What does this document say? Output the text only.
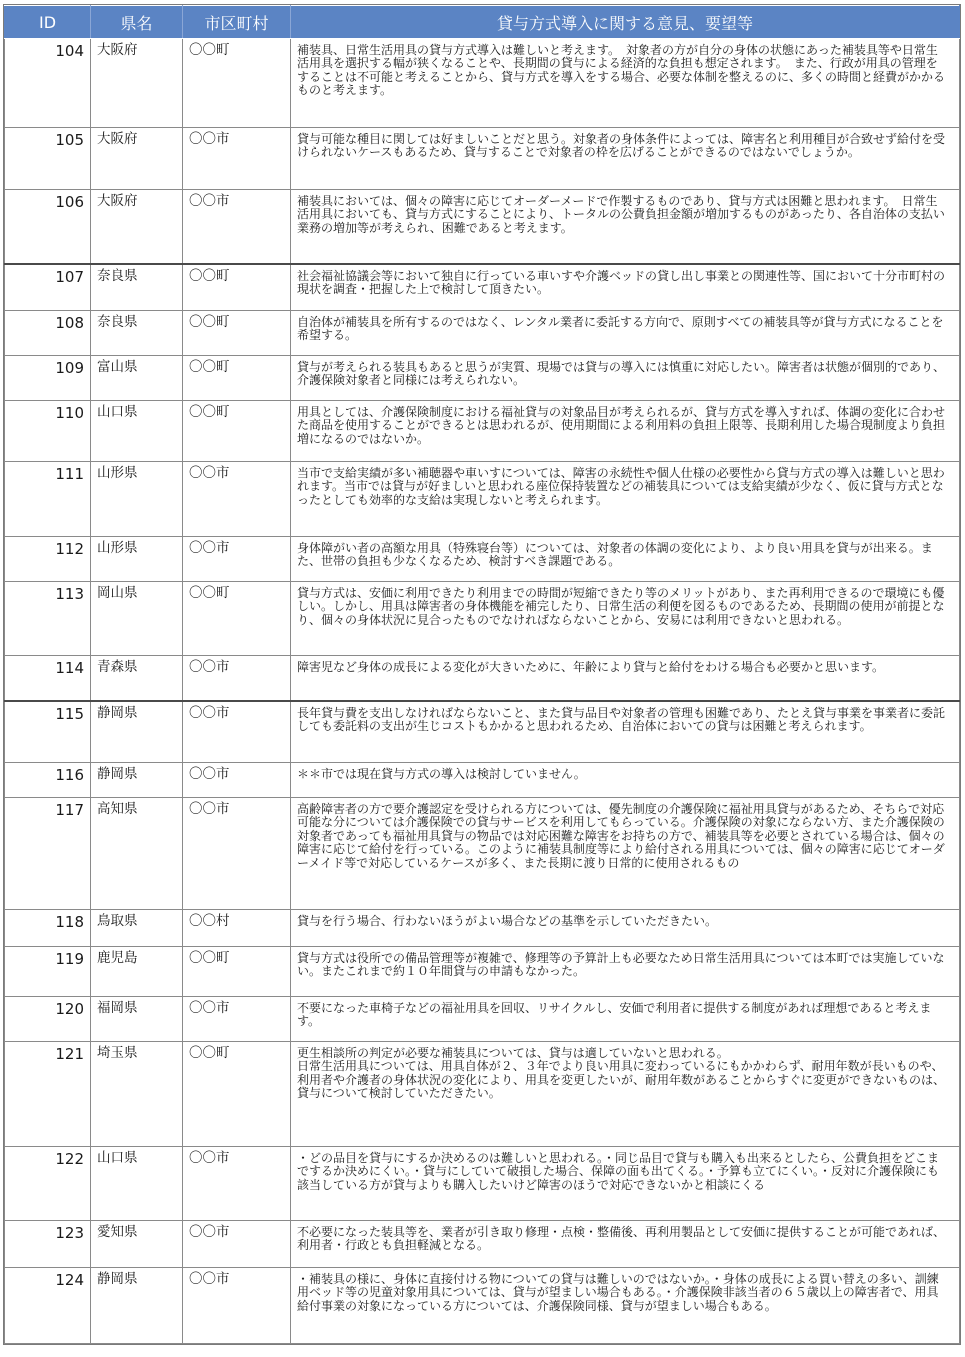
ID	県名	市区町村	貸与方式導入に関する意見、要望等
104	大阪府	〇〇町	補装具、日常生活用具の貸与方式導入は難しいと考えます。　対象者の方が自分の身体の状態にあった補装具等や日常生活用具を選択する幅が狭くなることや、長期間の貸与による経済的な負担も想定されます。　また、行政が用具の管理をすることは不可能と考えることから、貸与方式を導入をする場合、必要な体制を整えるのに、多くの時間と経費がかかるものと考えます。
105	大阪府	〇〇市	貸与可能な種目に関しては好ましいことだと思う。対象者の身体条件によっては、障害名と利用種目が合致せず給付を受けられないケースもあるため、貸与することで対象者の枠を広げることができるのではないでしょうか。
106	大阪府	〇〇市	補装具においては、個々の障害に応じてオーダーメードで作製するものであり、貸与方式は困難と思われます。　日常生活用具においても、貸与方式にすることにより、トータルの公費負担金額が増加するものがあったり、各自治体の支払い業務の増加等が考えられ、困難であると考えます。
107	奈良県	〇〇町	社会福祉協議会等において独自に行っている車いすや介護ベッドの貸し出し事業との関連性等、国において十分市町村の現状を調査・把握した上で検討して頂きたい。
108	奈良県	〇〇町	自治体が補装具を所有するのではなく、レンタル業者に委託する方向で、原則すべての補装具等が貸与方式になることを希望する。
109	富山県	〇〇町	貸与が考えられる装具もあると思うが実質、現場では貸与の導入には慎重に対応したい。障害者は状態が個別的であり、介護保険対象者と同様には考えられない。
110	山口県	〇〇町	用具としては、介護保険制度における福祉貸与の対象品目が考えられるが、貸与方式を導入すれば、体調の変化に合わせた商品を使用することができるとは思われるが、使用期間による利用料の負担上限等、長期利用した場合現制度より負担増になるのではないか。
111	山形県	〇〇市	当市で支給実績が多い補聴器や車いすについては、障害の永続性や個人仕様の必要性から貸与方式の導入は難しいと思われます。当市では貸与が好ましいと思われる座位保持装置などの補装具については支給実績が少なく、仮に貸与方式となったとしても効率的な支給は実現しないと考えられます。
112	山形県	〇〇市	身体障がい者の高額な用具（特殊寝台等）については、対象者の体調の変化により、より良い用具を貸与が出来る。また、世帯の負担も少なくなるため、検討すべき課題である。
113	岡山県	〇〇町	貸与方式は、安価に利用できたり利用までの時間が短縮できたり等のメリットがあり、また再利用できるので環境にも優しい。しかし、用具は障害者の身体機能を補完したり、日常生活の利便を図るものであるため、長期間の使用が前提となり、個々の身体状況に見合ったものでなければならないことから、安易には利用できないと思われる。
114	青森県	〇〇市	障害児など身体の成長による変化が大きいために、年齢により貸与と給付をわける場合も必要かと思います。
115	静岡県	〇〇市	長年貸与費を支出しなければならないこと、また貸与品目や対象者の管理も困難であり、たとえ貸与事業を事業者に委託しても委託料の支出が生じコストもかかると思われるため、自治体においての貸与は困難と考えられます。
116	静岡県	〇〇市	＊＊市では現在貸与方式の導入は検討していません。
117	高知県	〇〇市	高齢障害者の方で要介護認定を受けられる方については、優先制度の介護保険に福祉用具貸与があるため、そちらで対応可能な分については介護保険での貸与サービスを利用してもらっている。介護保険の対象にならない方、また介護保険の対象者であっても福祉用具貸与の物品では対応困難な障害をお持ちの方で、補装具等を必要とされている場合は、個々の障害に応じて給付を行っている。このように補装具制度等により給付される用具については、個々の障害に応じてオーダーメイド等で対応しているケースが多く、また長期に渡り日常的に使用されるもの
118	鳥取県	〇〇村	貸与を行う場合、行わないほうがよい場合などの基準を示していただきたい。
119	鹿児島	〇〇町	貸与方式は役所での備品管理等が複雑で、修理等の予算計上も必要なため日常生活用具については本町では実施していない。またこれまで約１０年間貸与の申請もなかった。
120	福岡県	〇〇市	不要になった車椅子などの福祉用具を回収、リサイクルし、安価で利用者に提供する制度があれば理想であると考えます。
121	埼玉県	〇〇町	更生相談所の判定が必要な補装具については、貸与は適していないと思われる。
日常生活用具については、用具自体が２、３年でより良い用具に変わっているにもかかわらず、耐用年数が長いものや、利用者や介護者の身体状況の変化により、用具を変更したいが、耐用年数があることからすぐに変更ができないものは、貸与について検討していただきたい。
122	山口県	〇〇市	・どの品目を貸与にするか決めるのは難しいと思われる。・同じ品目で貸与も購入も出来るとしたら、公費負担をどこまでするか決めにくい。・貸与にしていて破損した場合、保障の面も出てくる。・予算も立てにくい。・反対に介護保険にも該当している方が貸与よりも購入したいけど障害のほうで対応できないかと相談にくる
123	愛知県	〇〇市	不必要になった装具等を、業者が引き取り修理・点検・整備後、再利用製品として安価に提供することが可能であれば、利用者・行政とも負担軽減となる。
124	静岡県	〇〇市	・補装具の様に、身体に直接付ける物についての貸与は難しいのではないか。・身体の成長による買い替えの多い、訓練用ベッド等の児童対象用具については、貸与が望ましい場合もある。・介護保険非該当者の６５歳以上の障害者で、用具給付事業の対象になっている方については、介護保険同様、貸与が望ましい場合もある。
